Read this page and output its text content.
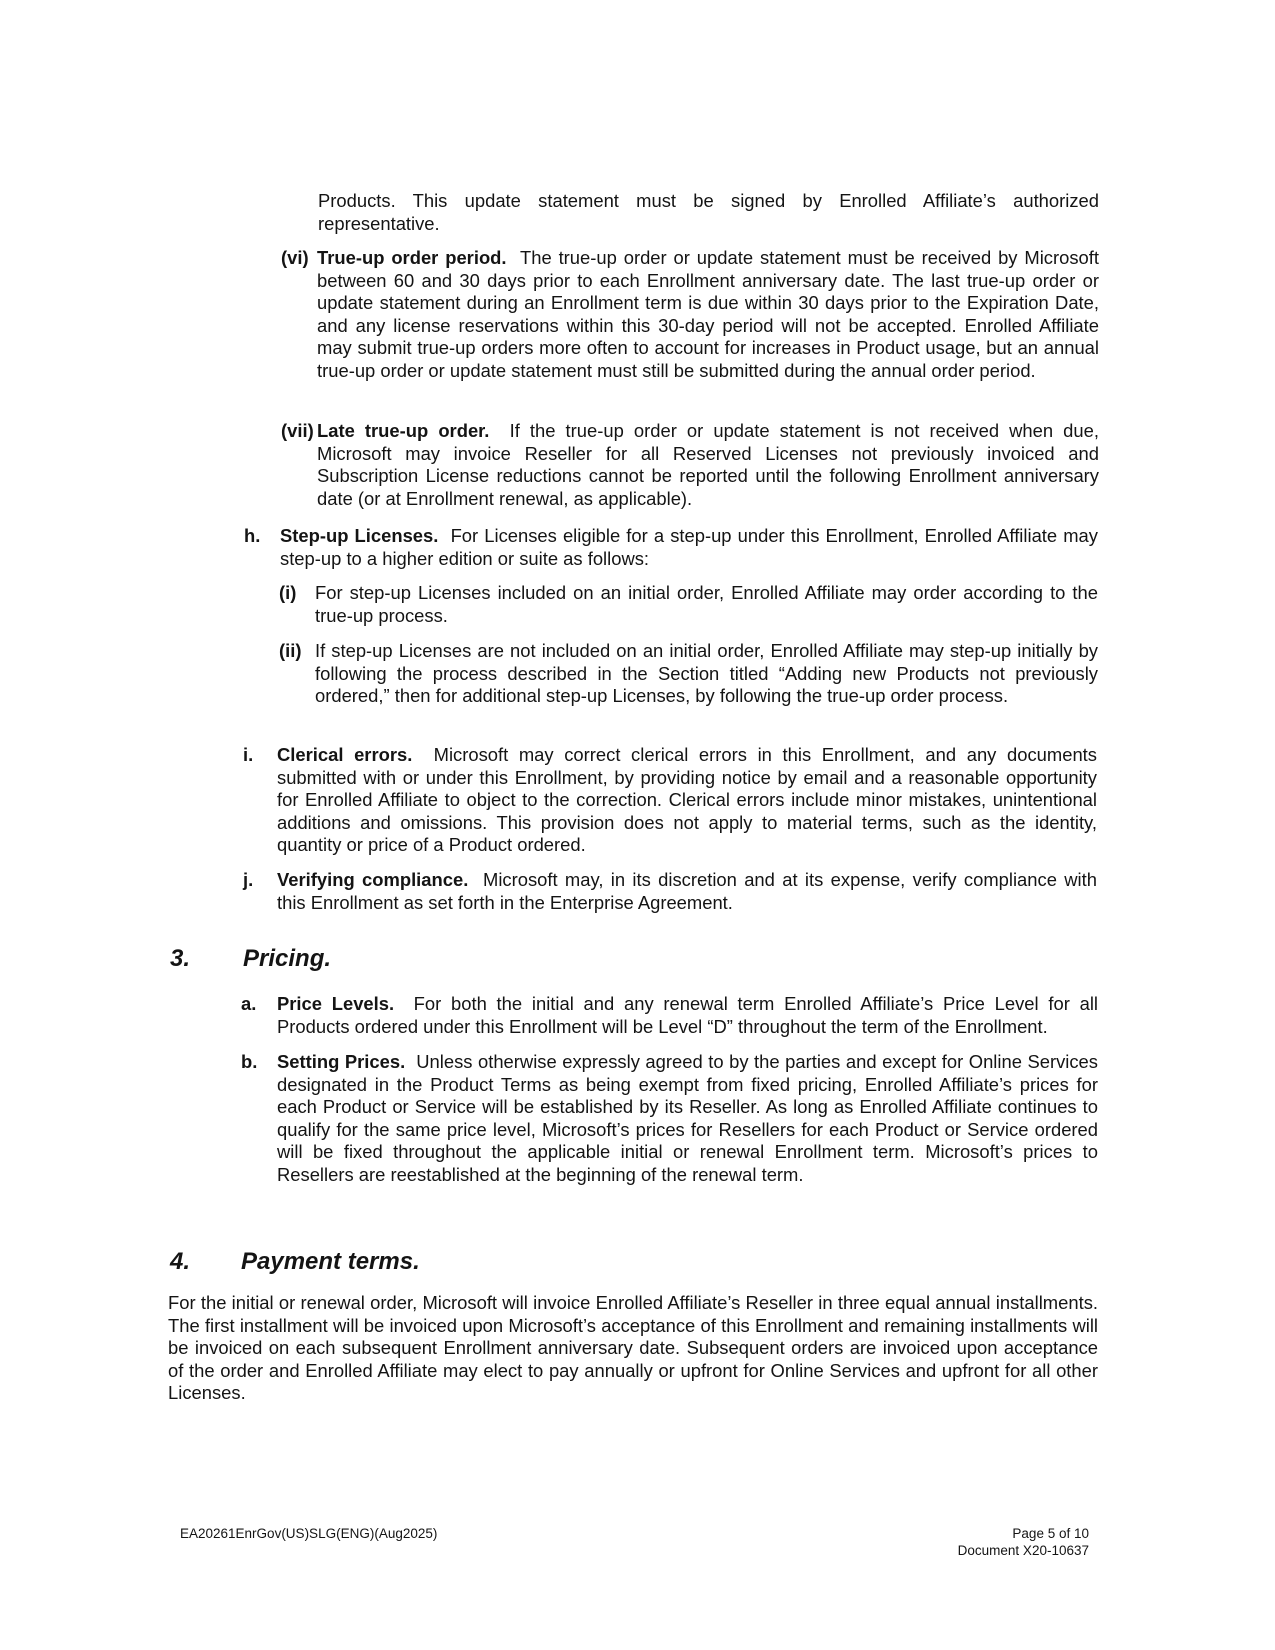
Products. This update statement must be signed by Enrolled Affiliate’s authorized representative.
(vi) True-up order period. The true-up order or update statement must be received by Microsoft between 60 and 30 days prior to each Enrollment anniversary date. The last true-up order or update statement during an Enrollment term is due within 30 days prior to the Expiration Date, and any license reservations within this 30-day period will not be accepted. Enrolled Affiliate may submit true-up orders more often to account for increases in Product usage, but an annual true-up order or update statement must still be submitted during the annual order period.
(vii) Late true-up order. If the true-up order or update statement is not received when due, Microsoft may invoice Reseller for all Reserved Licenses not previously invoiced and Subscription License reductions cannot be reported until the following Enrollment anniversary date (or at Enrollment renewal, as applicable).
h. Step-up Licenses. For Licenses eligible for a step-up under this Enrollment, Enrolled Affiliate may step-up to a higher edition or suite as follows:
(i) For step-up Licenses included on an initial order, Enrolled Affiliate may order according to the true-up process.
(ii) If step-up Licenses are not included on an initial order, Enrolled Affiliate may step-up initially by following the process described in the Section titled “Adding new Products not previously ordered,” then for additional step-up Licenses, by following the true-up order process.
i. Clerical errors. Microsoft may correct clerical errors in this Enrollment, and any documents submitted with or under this Enrollment, by providing notice by email and a reasonable opportunity for Enrolled Affiliate to object to the correction. Clerical errors include minor mistakes, unintentional additions and omissions. This provision does not apply to material terms, such as the identity, quantity or price of a Product ordered.
j. Verifying compliance. Microsoft may, in its discretion and at its expense, verify compliance with this Enrollment as set forth in the Enterprise Agreement.
3. Pricing.
a. Price Levels. For both the initial and any renewal term Enrolled Affiliate’s Price Level for all Products ordered under this Enrollment will be Level “D” throughout the term of the Enrollment.
b. Setting Prices. Unless otherwise expressly agreed to by the parties and except for Online Services designated in the Product Terms as being exempt from fixed pricing, Enrolled Affiliate’s prices for each Product or Service will be established by its Reseller. As long as Enrolled Affiliate continues to qualify for the same price level, Microsoft’s prices for Resellers for each Product or Service ordered will be fixed throughout the applicable initial or renewal Enrollment term. Microsoft’s prices to Resellers are reestablished at the beginning of the renewal term.
4. Payment terms.
For the initial or renewal order, Microsoft will invoice Enrolled Affiliate’s Reseller in three equal annual installments. The first installment will be invoiced upon Microsoft’s acceptance of this Enrollment and remaining installments will be invoiced on each subsequent Enrollment anniversary date. Subsequent orders are invoiced upon acceptance of the order and Enrolled Affiliate may elect to pay annually or upfront for Online Services and upfront for all other Licenses.
EA20261EnrGov(US)SLG(ENG)(Aug2025)	Page 5 of 10
Document X20-10637
